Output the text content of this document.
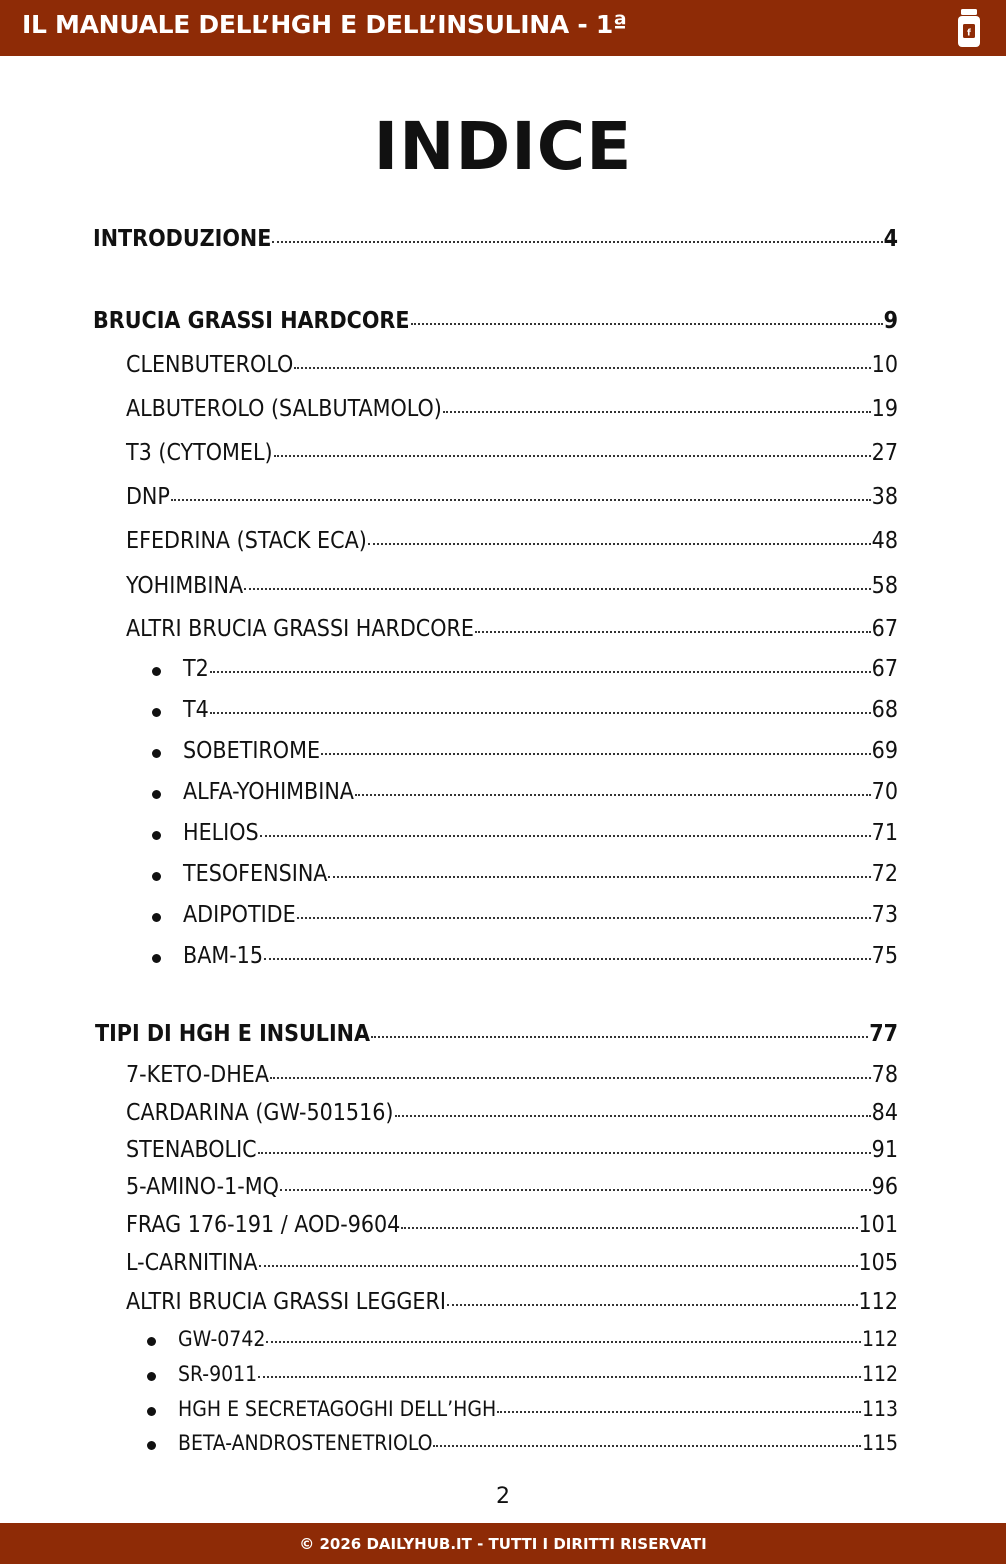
IL MANUALE DELL’HGH E DELL’INSULINA - 1ª	f
INDICE
INTRODUZIONE	4
BRUCIA GRASSI HARDCORE	9
CLENBUTEROLO	10
ALBUTEROLO (SALBUTAMOLO)	19
T3 (CYTOMEL)	27
DNP	38
EFEDRINA (STACK ECA)	48
YOHIMBINA	58
ALTRI BRUCIA GRASSI HARDCORE	67
T2	67
T4	68
SOBETIROME	69
ALFA-YOHIMBINA	70
HELIOS	71
TESOFENSINA	72
ADIPOTIDE	73
BAM-15	75
TIPI DI HGH E INSULINA	77
7-KETO-DHEA	78
CARDARINA (GW-501516)	84
STENABOLIC	91
5-AMINO-1-MQ	96
FRAG 176-191 / AOD-9604	101
L-CARNITINA	105
ALTRI BRUCIA GRASSI LEGGERI	112
GW-0742	112
SR-9011	112
HGH E SECRETAGOGHI DELL’HGH	113
BETA-ANDROSTENETRIOLO	115
2
© 2026 DAILYHUB.IT - TUTTI I DIRITTI RISERVATI
